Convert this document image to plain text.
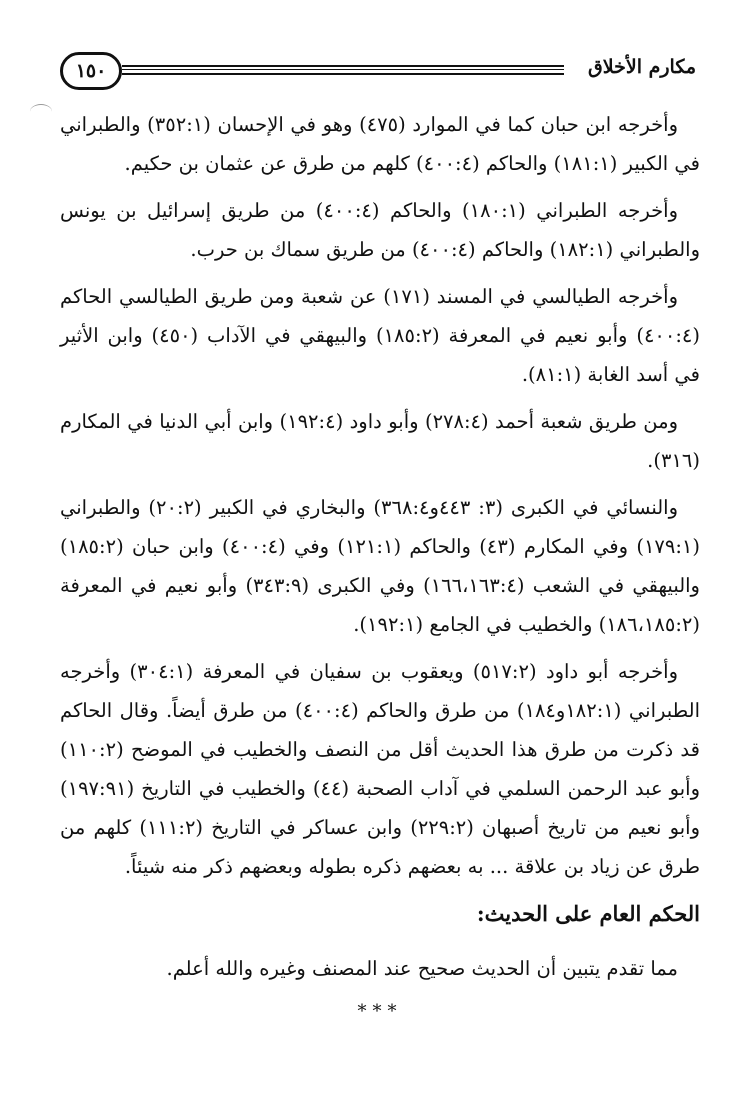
١٥٠	مكارم الأخلاق

وأخرجه ابن حبان كما في الموارد (٤٧٥) وهو في الإحسان (٣٥٢:١) والطبراني في الكبير (١٨١:١) والحاكم (٤٠٠:٤) كلهم من طرق عن عثمان بن حكيم.

وأخرجه الطبراني (١٨٠:١) والحاكم (٤٠٠:٤) من طريق إسرائيل بن يونس والطبراني (١٨٢:١) والحاكم (٤٠٠:٤) من طريق سماك بن حرب.

وأخرجه الطيالسي في المسند (١٧١) عن شعبة ومن طريق الطيالسي الحاكم (٤٠٠:٤) وأبو نعيم في المعرفة (١٨٥:٢) والبيهقي في الآداب (٤٥٠) وابن الأثير في أسد الغابة (٨١:١).

ومن طريق شعبة أحمد (٢٧٨:٤) وأبو داود (١٩٢:٤) وابن أبي الدنيا في المكارم (٣١٦).

والنسائي في الكبرى (٣: ٤٤٣و٣٦٨:٤) والبخاري في الكبير (٢٠:٢) والطبراني (١٧٩:١) وفي المكارم (٤٣) والحاكم (١٢١:١) وفي (٤٠٠:٤) وابن حبان (١٨٥:٢) والبيهقي في الشعب (١٦٦،١٦٣:٤) وفي الكبرى (٣٤٣:٩) وأبو نعيم في المعرفة (١٨٦،١٨٥:٢) والخطيب في الجامع (١٩٢:١).

وأخرجه أبو داود (٥١٧:٢) ويعقوب بن سفيان في المعرفة (٣٠٤:١) وأخرجه الطبراني (١٨٢:١و١٨٤) من طرق والحاكم (٤٠٠:٤) من طرق أيضاً. وقال الحاكم قد ذكرت من طرق هذا الحديث أقل من النصف والخطيب في الموضح (١١٠:٢) وأبو عبد الرحمن السلمي في آداب الصحبة (٤٤) والخطيب في التاريخ (١٩٧:٩١) وأبو نعيم من تاريخ أصبهان (٢٢٩:٢) وابن عساكر في التاريخ (١١١:٢) كلهم من طرق عن زياد بن علاقة ... به بعضهم ذكره بطوله وبعضهم ذكر منه شيئاً.

الحكم العام على الحديث:

مما تقدم يتبين أن الحديث صحيح عند المصنف وغيره والله أعلم.

***
